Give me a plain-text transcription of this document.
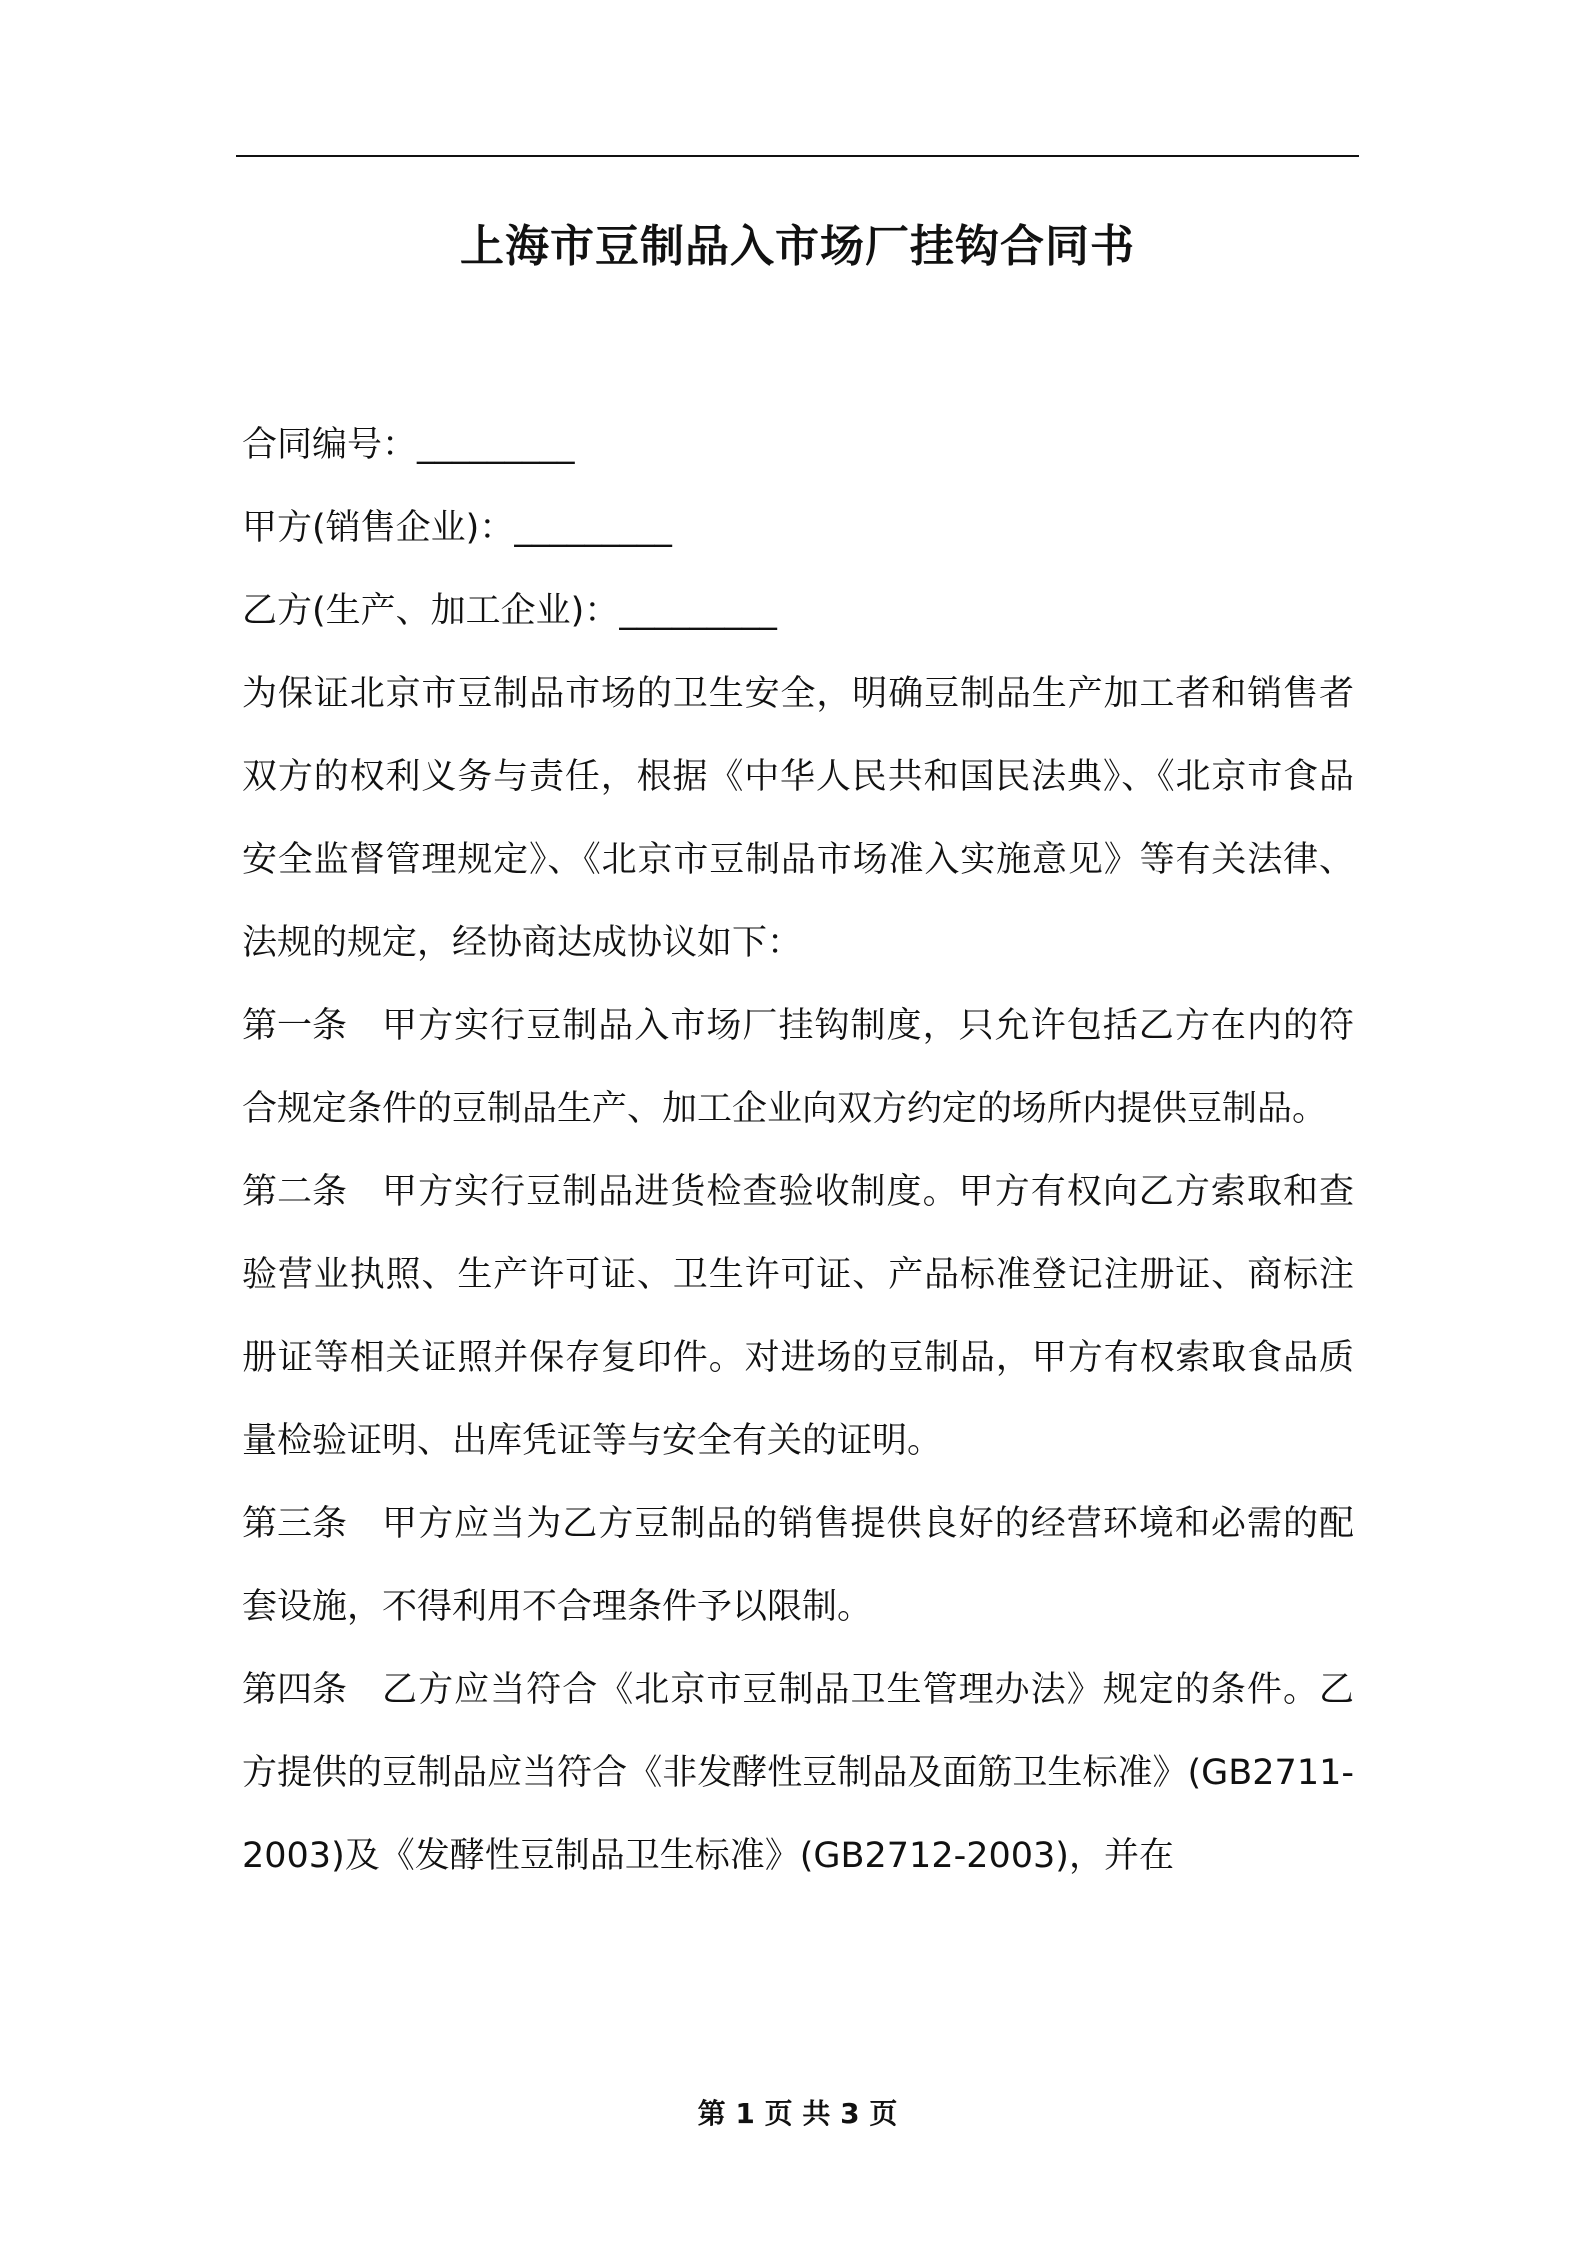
上海市豆制品入市场厂挂钩合同书

合同编号：_________

甲方(销售企业)：_________

乙方(生产、加工企业)：_________

为保证北京市豆制品市场的卫生安全，明确豆制品生产加工者和销售者双方的权利义务与责任，根据《中华人民共和国民法典》、《北京市食品安全监督管理规定》、《北京市豆制品市场准入实施意见》等有关法律、法规的规定，经协商达成协议如下：

第一条 甲方实行豆制品入市场厂挂钩制度，只允许包括乙方在内的符合规定条件的豆制品生产、加工企业向双方约定的场所内提供豆制品。

第二条 甲方实行豆制品进货检查验收制度。甲方有权向乙方索取和查验营业执照、生产许可证、卫生许可证、产品标准登记注册证、商标注册证等相关证照并保存复印件。对进场的豆制品，甲方有权索取食品质量检验证明、出库凭证等与安全有关的证明。

第三条 甲方应当为乙方豆制品的销售提供良好的经营环境和必需的配套设施，不得利用不合理条件予以限制。

第四条 乙方应当符合《北京市豆制品卫生管理办法》规定的条件。乙方提供的豆制品应当符合《非发酵性豆制品及面筋卫生标准》(GB2711-2003)及《发酵性豆制品卫生标准》(GB2712-2003)，并在

第 1 页 共 3 页
